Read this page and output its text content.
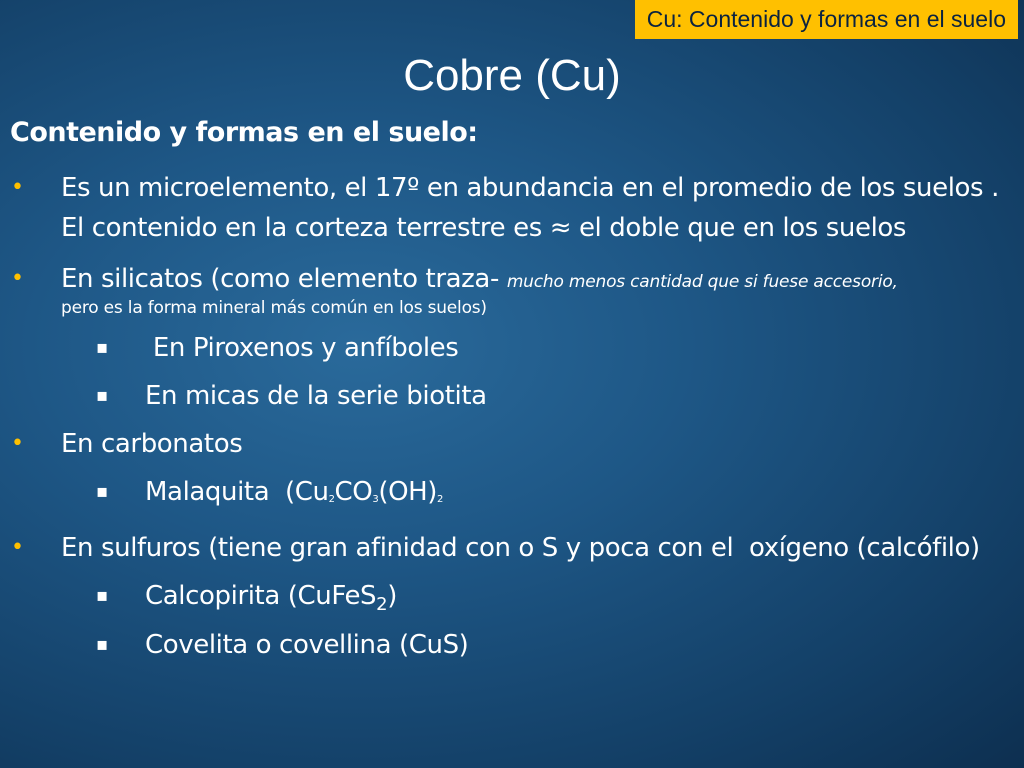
Cu: Contenido y formas en el suelo
Cobre (Cu)
Contenido y formas en el suelo:
• Es un microelemento, el 17º en abundancia en el promedio de los suelos . El contenido en la corteza terrestre es ≈ el doble que en los suelos
• En silicatos (como elemento traza- mucho menos cantidad que si fuese accesorio,
pero es la forma mineral más común en los suelos)
▪ En Piroxenos y anfíboles
▪ En micas de la serie biotita
• En carbonatos
▪ Malaquita  (Cu2CO3(OH)2
• En sulfuros (tiene gran afinidad con o S y poca con el  oxígeno (calcófilo)
▪ Calcopirita (CuFeS$_2$)
▪ Covelita o covellina (CuS)
